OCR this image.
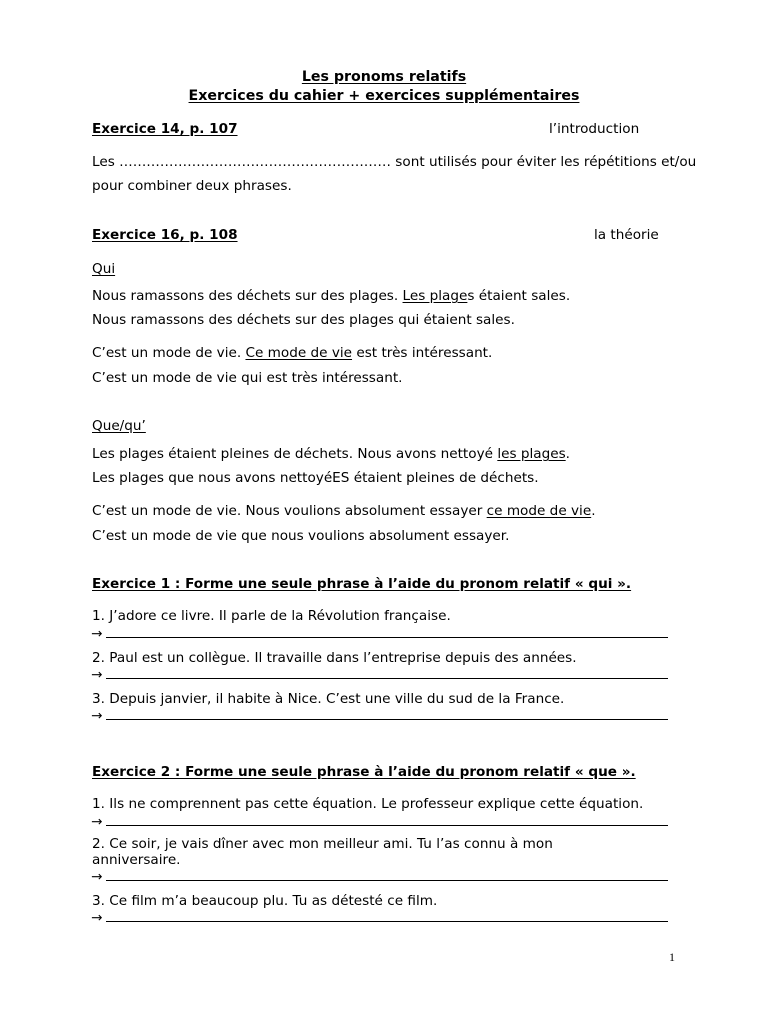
Les pronoms relatifs
Exercices du cahier + exercices supplémentaires
Exercice 14, p. 107	l’introduction
Les …………………………………………………… sont utilisés pour éviter les répétitions et/ou
pour combiner deux phrases.
Exercice 16, p. 108	la théorie
Qui
Nous ramassons des déchets sur des plages. Les plages étaient sales.
Nous ramassons des déchets sur des plages qui étaient sales.
C’est un mode de vie. Ce mode de vie est très intéressant.
C’est un mode de vie qui est très intéressant.
Que/qu’
Les plages étaient pleines de déchets. Nous avons nettoyé les plages.
Les plages que nous avons nettoyéES étaient pleines de déchets.
C’est un mode de vie. Nous voulions absolument essayer ce mode de vie.
C’est un mode de vie que nous voulions absolument essayer.
Exercice 1 : Forme une seule phrase à l’aide du pronom relatif « qui ».
1. J’adore ce livre. Il parle de la Révolution française.
→
2. Paul est un collègue. Il travaille dans l’entreprise depuis des années.
→
3. Depuis janvier, il habite à Nice. C’est une ville du sud de la France.
→
Exercice 2 : Forme une seule phrase à l’aide du pronom relatif « que ».
1. Ils ne comprennent pas cette équation. Le professeur explique cette équation.
→
2. Ce soir, je vais dîner avec mon meilleur ami. Tu l’as connu à mon
anniversaire.
→
3. Ce film m’a beaucoup plu. Tu as détesté ce film.
→
1
